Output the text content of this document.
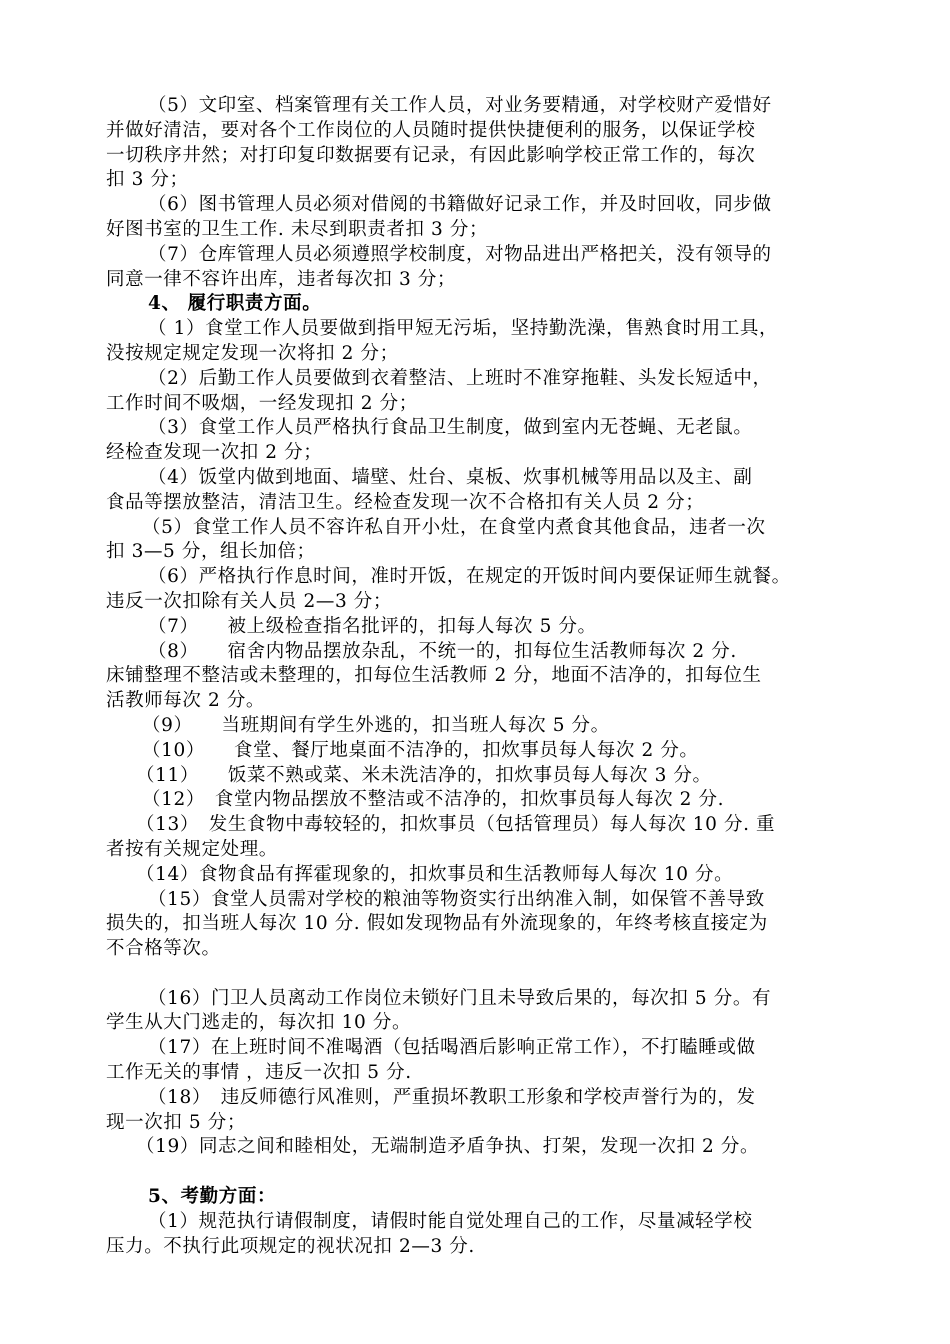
（5）文印室、档案管理有关工作人员，对业务要精通，对学校财产爱惜好
并做好清洁，要对各个工作岗位的人员随时提供快捷便利的服务，以保证学校
一切秩序井然；对打印复印数据要有记录，有因此影响学校正常工作的，每次
扣 3 分；
（6）图书管理人员必须对借阅的书籍做好记录工作，并及时回收，同步做
好图书室的卫生工作. 未尽到职责者扣 3 分；
（7）仓库管理人员必须遵照学校制度，对物品进出严格把关，没有领导的
同意一律不容许出库，违者每次扣 3 分；
4、 履行职责方面。
（ 1）食堂工作人员要做到指甲短无污垢，坚持勤洗澡，售熟食时用工具，
没按规定规定发现一次将扣 2 分；
（2）后勤工作人员要做到衣着整洁、上班时不准穿拖鞋、头发长短适中，
工作时间不吸烟，一经发现扣 2 分；
（3）食堂工作人员严格执行食品卫生制度，做到室内无苍蝇、无老鼠。
经检查发现一次扣 2 分；
（4）饭堂内做到地面、墙壁、灶台、桌板、炊事机械等用品以及主、副
食品等摆放整洁，清洁卫生。经检查发现一次不合格扣有关人员 2 分；
（5）食堂工作人员不容许私自开小灶，在食堂内煮食其他食品，违者一次
扣 3—5 分，组长加倍；
（6）严格执行作息时间，准时开饭，在规定的开饭时间内要保证师生就餐。
违反一次扣除有关人员 2—3 分；
（7）　　被上级检查指名批评的，扣每人每次 5 分。
（8）　　宿舍内物品摆放杂乱，不统一的，扣每位生活教师每次 2 分.
床铺整理不整洁或未整理的，扣每位生活教师 2 分，地面不洁净的，扣每位生
活教师每次 2 分。
（9）　　当班期间有学生外逃的，扣当班人每次 5 分。
（10）　　食堂、餐厅地桌面不洁净的，扣炊事员每人每次 2 分。
（11）　　饭菜不熟或菜、米未洗洁净的，扣炊事员每人每次 3 分。
（12）　食堂内物品摆放不整洁或不洁净的，扣炊事员每人每次 2 分.
（13）　发生食物中毒较轻的，扣炊事员（包括管理员）每人每次 10 分. 重
者按有关规定处理。
（14）食物食品有挥霍现象的，扣炊事员和生活教师每人每次 10 分。
（15）食堂人员需对学校的粮油等物资实行出纳准入制，如保管不善导致
损失的，扣当班人每次 10 分. 假如发现物品有外流现象的，年终考核直接定为
不合格等次。
（16）门卫人员离动工作岗位未锁好门且未导致后果的，每次扣 5 分。有
学生从大门逃走的，每次扣 10 分。
（17）在上班时间不准喝酒（包括喝酒后影响正常工作），不打瞌睡或做
工作无关的事情 ，违反一次扣 5 分.
（18）　违反师德行风准则，严重损坏教职工形象和学校声誉行为的，发
现一次扣 5 分；
（19）同志之间和睦相处，无端制造矛盾争执、打架，发现一次扣 2 分。
5、考勤方面：
（1）规范执行请假制度，请假时能自觉处理自己的工作，尽量减轻学校
压力。不执行此项规定的视状况扣 2—3 分.
